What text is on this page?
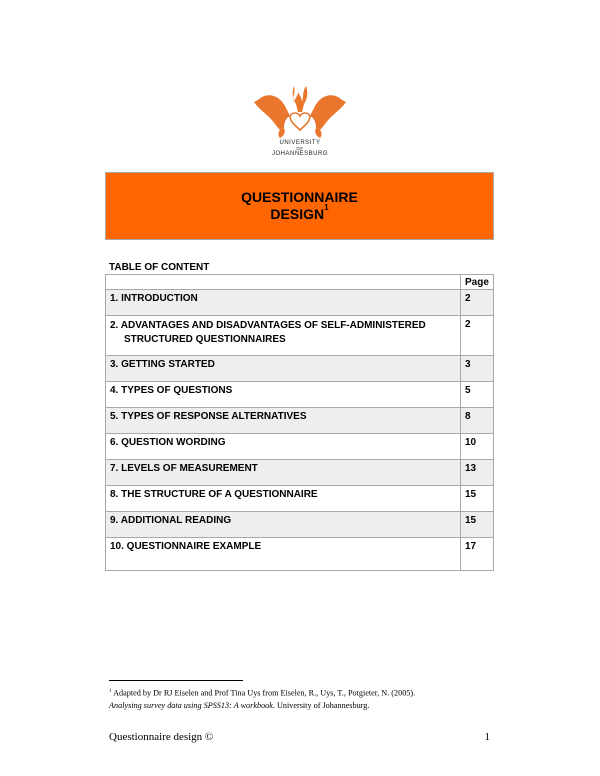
UNIVERSITY
OF
JOHANNESBURG
QUESTIONNAIRE
DESIGN$^1$
TABLE OF CONTENT
	Page
1. INTRODUCTION	2

2. ADVANTAGES AND DISADVANTAGES OF SELF-ADMINISTERED STRUCTURED QUESTIONNAIRES	2
3. GETTING STARTED	3
4. TYPES OF QUESTIONS	5
5. TYPES OF RESPONSE ALTERNATIVES	8
6. QUESTION WORDING	10
7. LEVELS OF MEASUREMENT	13
8. THE STRUCTURE OF A QUESTIONNAIRE	15
9. ADDITIONAL READING	15
10. QUESTIONNAIRE EXAMPLE	17
$^1$ Adapted by Dr RJ Eiselen and Prof Tina Uys from Eiselen, R., Uys, T., Potgieter, N. (2005).
Analysing survey data using SPSS13: A workbook. University of Johannesburg.
Questionnaire design ©	1
